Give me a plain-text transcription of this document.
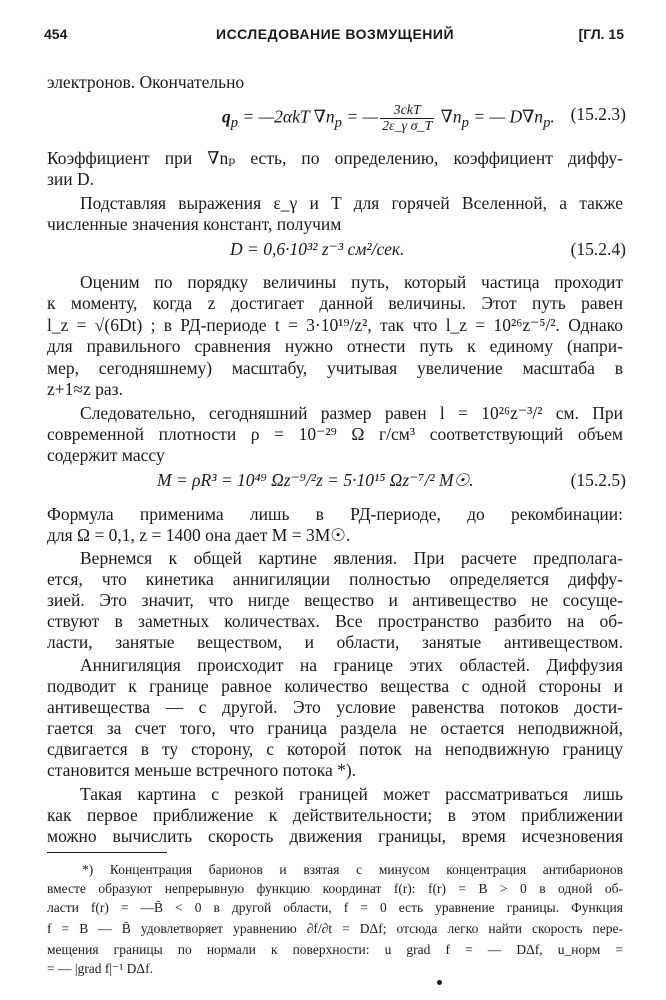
454	ИССЛЕДОВАНИЕ ВОЗМУЩЕНИЙ	[ГЛ. 15
электронов. Окончательно
$q_p$ = —2αkT $\nabla n_p$ = — $\frac{\text{3ckT}}{\text{2ε\_γ σ\_T}} \nabla n_p$ = — $D\nabla n_p$. (15.2.3)
Коэффициент при ∇nₚ есть, по определению, коэффициент диффу-
зии D.
Подставляя выражения ε_γ и T для горячей Вселенной, а также
численные значения констант, получим
D = 0,6·10³² z⁻³ см²/сек.	(15.2.4)
Оценим по порядку величины путь, который частица проходит
к моменту, когда z достигает данной величины. Этот путь равен
l_z = √(6Dt) ; в РД-периоде t = 3·10¹⁹/z², так что l_z = 10²⁶z⁻⁵/². Однако
для правильного сравнения нужно отнести путь к единому (напри-
мер, сегодняшнему) масштабу, учитывая увеличение масштаба в
z+1≈z раз.
Следовательно, сегодняшний размер равен l = 10²⁶z⁻³/² см. При
современной плотности ρ = 10⁻²⁹ Ω г/см³ соответствующий объем
содержит массу
M = ρR³ = 10⁴⁹ Ωz⁻⁹/²z = 5·10¹⁵ Ωz⁻⁷/² M☉.	(15.2.5)
Формула применима лишь в РД-периоде, до рекомбинации:
для Ω = 0,1, z = 1400 она дает M = 3M☉.
Вернемся к общей картине явления. При расчете предполага-
ется, что кинетика аннигиляции полностью определяется диффу-
зией. Это значит, что нигде вещество и антивещество не сосуще-
ствуют в заметных количествах. Все пространство разбито на об-
ласти, занятые веществом, и области, занятые антивеществом.
Аннигиляция происходит на границе этих областей. Диффузия
подводит к границе равное количество вещества с одной стороны и
антивещества — с другой. Это условие равенства потоков дости-
гается за счет того, что граница раздела не остается неподвижной,
сдвигается в ту сторону, с которой поток на неподвижную границу
становится меньше встречного потока *).
Такая картина с резкой границей может рассматриваться лишь
как первое приближение к действительности; в этом приближении
можно вычислить скорость движения границы, время исчезновения
*) Концентрация барионов и взятая с минусом концентрация антибарионов
вместе образуют непрерывную функцию координат f(r): f(r) = B > 0 в одной об-
ласти f(r) = —B̄ < 0 в другой области, f = 0 есть уравнение границы. Функция
f = B — B̄ удовлетворяет уравнению ∂f/∂t = DΔf; отсюда легко найти скорость пере-
мещения границы по нормали к поверхности: u grad f = — DΔf, u_норм =
= — |grad f|⁻¹ DΔf.
